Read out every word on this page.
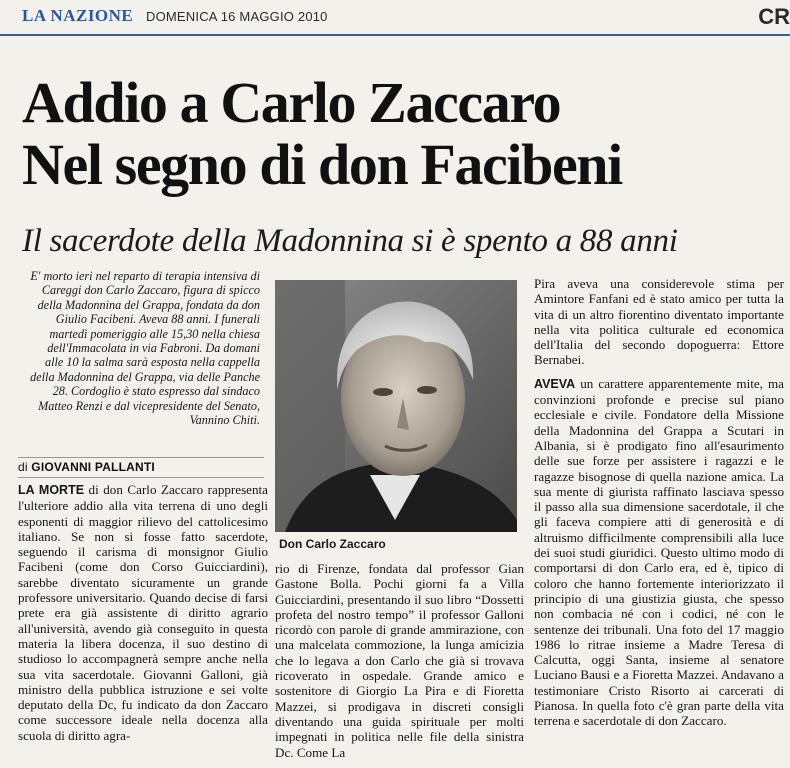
LA NAZIONE DOMENICA 16 MAGGIO 2010	CR
Addio a Carlo Zaccaro
Nel segno di don Facibeni
Il sacerdote della Madonnina si è spento a 88 anni
E' morto ieri nel reparto di terapia intensiva di Careggi don Carlo Zaccaro, figura di spicco della Madonnina del Grappa, fondata da don Giulio Facibeni. Aveva 88 anni. I funerali martedì pomeriggio alle 15,30 nella chiesa dell'Immacolata in via Fabroni. Da domani alle 10 la salma sarà esposta nella cappella della Madonnina del Grappa, via delle Panche 28. Cordoglio è stato espresso dal sindaco Matteo Renzi e dal vicepresidente del Senato, Vannino Chiti.
di GIOVANNI PALLANTI
LA MORTE di don Carlo Zaccaro rappresenta l'ulteriore addio alla vita terrena di uno degli esponenti di maggior rilievo del cattolicesimo italiano. Se non si fosse fatto sacerdote, seguendo il carisma di monsignor Giulio Facibeni (come don Corso Guicciardini), sarebbe diventato sicuramente un grande professore universitario. Quando decise di farsi prete era già assistente di diritto agrario all'università, avendo già conseguito in questa materia la libera docenza, il suo destino di studioso lo accompagnerà sempre anche nella sua vita sacerdotale. Giovanni Galloni, già ministro della pubblica istruzione e sei volte deputato della Dc, fu indicato da don Zaccaro come successore ideale nella docenza alla scuola di diritto agra-
Don Carlo Zaccaro
rio di Firenze, fondata dal professor Gian Gastone Bolla. Pochi giorni fa a Villa Guicciardini, presentando il suo libro “Dossetti profeta del nostro tempo” il professor Galloni ricordò con parole di grande ammirazione, con una malcelata commozione, la lunga amicizia che lo legava a don Carlo che già si trovava ricoverato in ospedale. Grande amico e sostenitore di Giorgio La Pira e di Fioretta Mazzei, si prodigava in discreti consigli diventando una guida spirituale per molti impegnati in politica nelle file della sinistra Dc. Come La
Pira aveva una considerevole stima per Amintore Fanfani ed è stato amico per tutta la vita di un altro fiorentino diventato importante nella vita politica culturale ed economica dell'Italia del secondo dopoguerra: Ettore Bernabei.
AVEVA un carattere apparentemente mite, ma convinzioni profonde e precise sul piano ecclesiale e civile. Fondatore della Missione della Madonnina del Grappa a Scutari in Albania, si è prodigato fino all'esaurimento delle sue forze per assistere i ragazzi e le ragazze bisognose di quella nazione amica. La sua mente di giurista raffinato lasciava spesso il passo alla sua dimensione sacerdotale, il che gli faceva compiere atti di generosità e di altruismo difficilmente comprensibili alla luce dei suoi studi giuridici. Questo ultimo modo di comportarsi di don Carlo era, ed è, tipico di coloro che hanno fortemente interiorizzato il principio di una giustizia giusta, che spesso non combacia né con i codici, né con le sentenze dei tribunali. Una foto del 17 maggio 1986 lo ritrae insieme a Madre Teresa di Calcutta, oggi Santa, insieme al senatore Luciano Bausi e a Fioretta Mazzei. Andavano a testimoniare Cristo Risorto ai carcerati di Pianosa. In quella foto c'è gran parte della vita terrena e sacerdotale di don Zaccaro.
